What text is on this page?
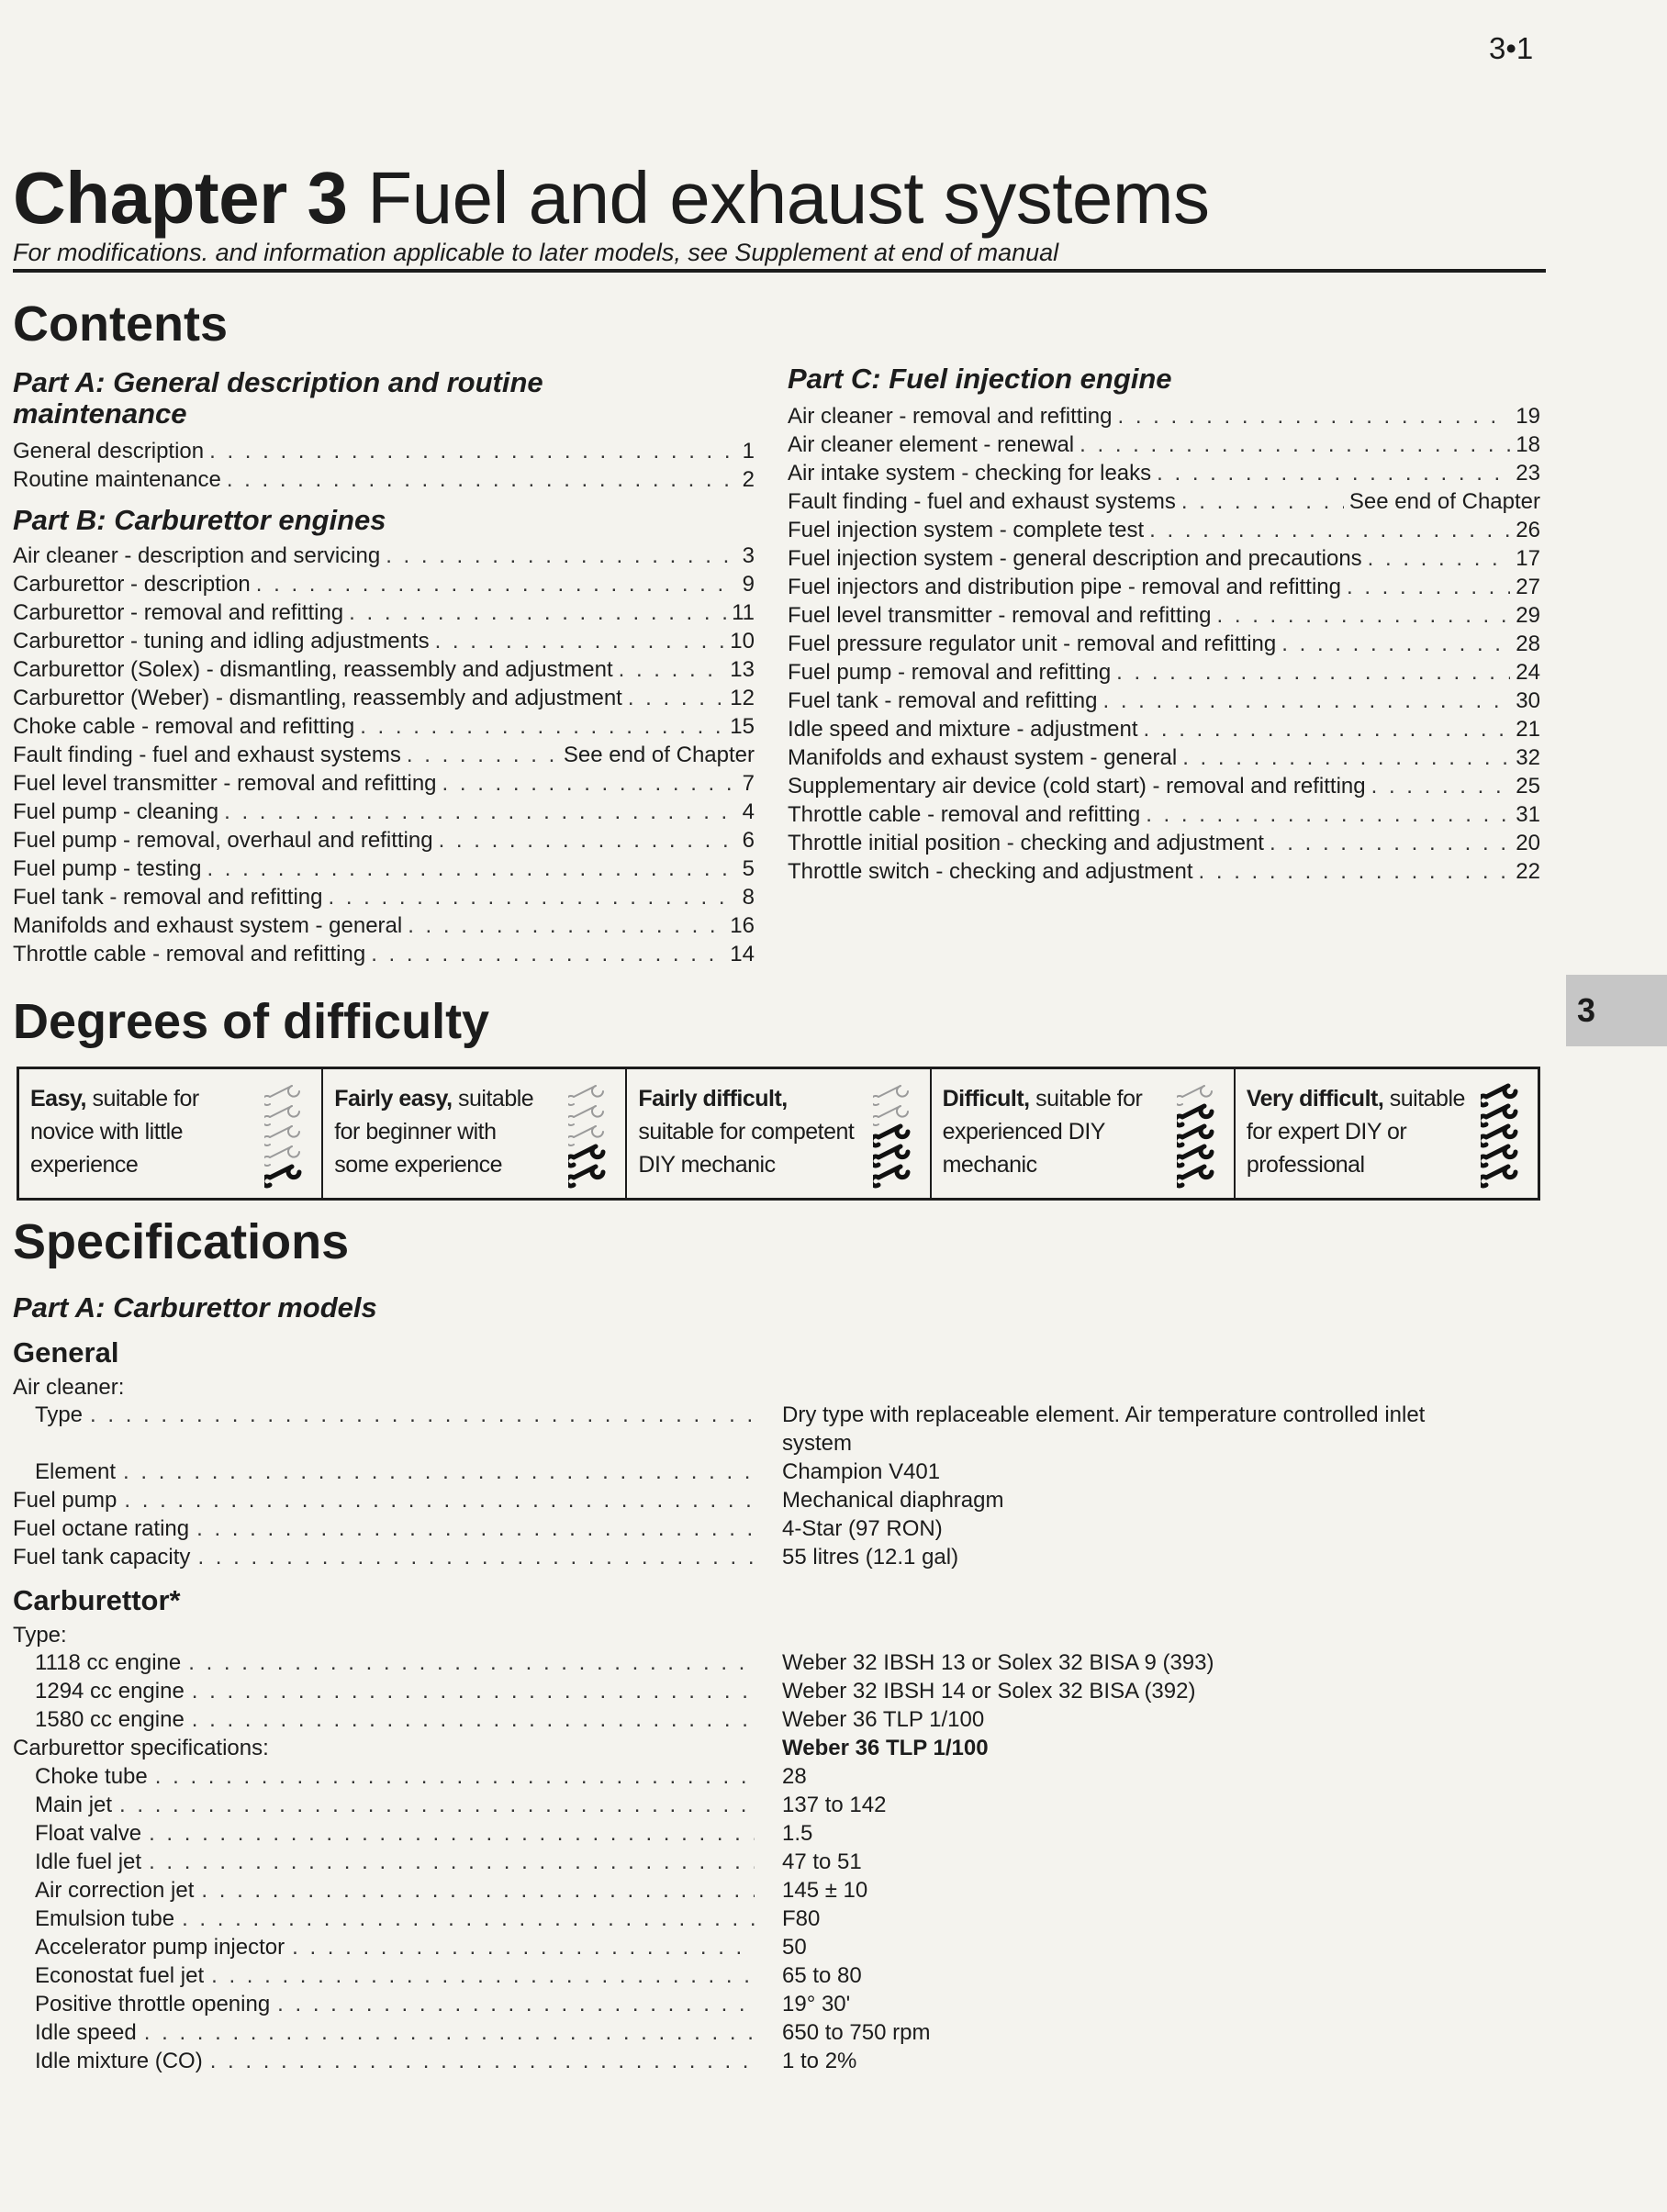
3•1
Chapter 3 Fuel and exhaust systems
For modifications. and information applicable to later models, see Supplement at end of manual
Contents
Part A: General description and routine maintenance
General description . . .	1
Routine maintenance . . .	2
Part B: Carburettor engines
Air cleaner - description and servicing . . .	3
Carburettor - description . . .	9
Carburettor - removal and refitting . . .	11
Carburettor - tuning and idling adjustments . . .	10
Carburettor (Solex) - dismantling, reassembly and adjustment . . .	13
Carburettor (Weber) - dismantling, reassembly and adjustment . . .	12
Choke cable - removal and refitting . . .	15
Fault finding - fuel and exhaust systems . . .	See end of Chapter
Fuel level transmitter - removal and refitting . . .	7
Fuel pump - cleaning . . .	4
Fuel pump - removal, overhaul and refitting . . .	6
Fuel pump - testing . . .	5
Fuel tank - removal and refitting . . .	8
Manifolds and exhaust system - general . . .	16
Throttle cable - removal and refitting . . .	14
Part C: Fuel injection engine
Air cleaner - removal and refitting . . .	19
Air cleaner element - renewal . . .	18
Air intake system - checking for leaks . . .	23
Fault finding - fuel and exhaust systems . . .	See end of Chapter
Fuel injection system - complete test . . .	26
Fuel injection system - general description and precautions . . .	17
Fuel injectors and distribution pipe - removal and refitting . . .	27
Fuel level transmitter - removal and refitting . . .	29
Fuel pressure regulator unit - removal and refitting . . .	28
Fuel pump - removal and refitting . . .	24
Fuel tank - removal and refitting . . .	30
Idle speed and mixture - adjustment . . .	21
Manifolds and exhaust system - general . . .	32
Supplementary air device (cold start) - removal and refitting . . .	25
Throttle cable - removal and refitting . . .	31
Throttle initial position - checking and adjustment . . .	20
Throttle switch - checking and adjustment . . .	22
3
Degrees of difficulty
Easy, suitable for novice with little experience
Fairly easy, suitable for beginner with some experience
Fairly difficult, suitable for competent DIY mechanic
Difficult, suitable for experienced DIY mechanic
Very difficult, suitable for expert DIY or professional
Specifications
Part A: Carburettor models
General
Air cleaner:
Type . . .	Dry type with replaceable element. Air temperature controlled inlet
system
Element . . .	Champion V401
Fuel pump . . .	Mechanical diaphragm
Fuel octane rating . . .	4-Star (97 RON)
Fuel tank capacity . . .	55 litres (12.1 gal)
Carburettor*
Type:
1118 cc engine . . .	Weber 32 IBSH 13 or Solex 32 BISA 9 (393)
1294 cc engine . . .	Weber 32 IBSH 14 or Solex 32 BISA (392)
1580 cc engine . . .	Weber 36 TLP 1/100
Carburettor specifications:	Weber 36 TLP 1/100
Choke tube . . .	28
Main jet . . .	137 to 142
Float valve . . .	1.5
Idle fuel jet . . .	47 to 51
Air correction jet . . .	145 ± 10
Emulsion tube . . .	F80
Accelerator pump injector . . .	50
Econostat fuel jet . . .	65 to 80
Positive throttle opening . . .	19° 30'
Idle speed . . .	650 to 750 rpm
Idle mixture (CO) . . .	1 to 2%
